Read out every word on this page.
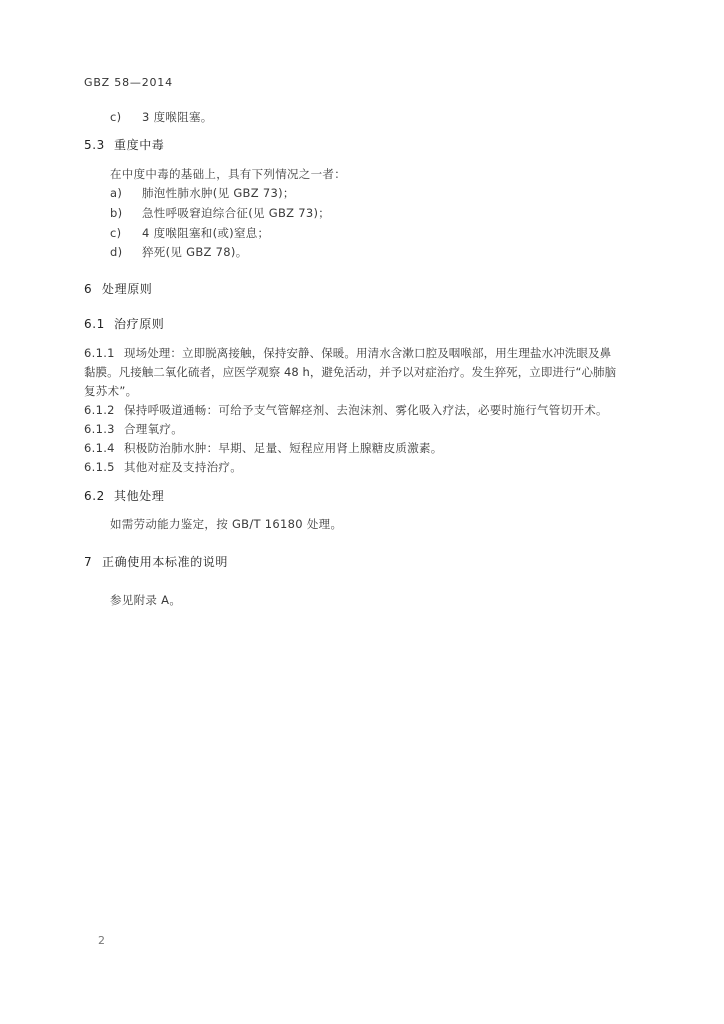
GBZ 58—2014
c) 3 度喉阻塞。
5.3 重度中毒
在中度中毒的基础上，具有下列情况之一者：
a) 肺泡性肺水肿(见 GBZ 73)；
b) 急性呼吸窘迫综合征(见 GBZ 73)；
c) 4 度喉阻塞和(或)窒息；
d) 猝死(见 GBZ 78)。
6 处理原则
6.1 治疗原则
6.1.1 现场处理：立即脱离接触，保持安静、保暖。用清水含漱口腔及咽喉部，用生理盐水冲洗眼及鼻
黏膜。凡接触二氧化硫者，应医学观察 48 h，避免活动，并予以对症治疗。发生猝死，立即进行“心肺脑
复苏术”。
6.1.2 保持呼吸道通畅：可给予支气管解痉剂、去泡沫剂、雾化吸入疗法，必要时施行气管切开术。
6.1.3 合理氧疗。
6.1.4 积极防治肺水肿：早期、足量、短程应用肾上腺糖皮质激素。
6.1.5 其他对症及支持治疗。
6.2 其他处理
如需劳动能力鉴定，按 GB/T 16180 处理。
7 正确使用本标准的说明
参见附录 A。
2
